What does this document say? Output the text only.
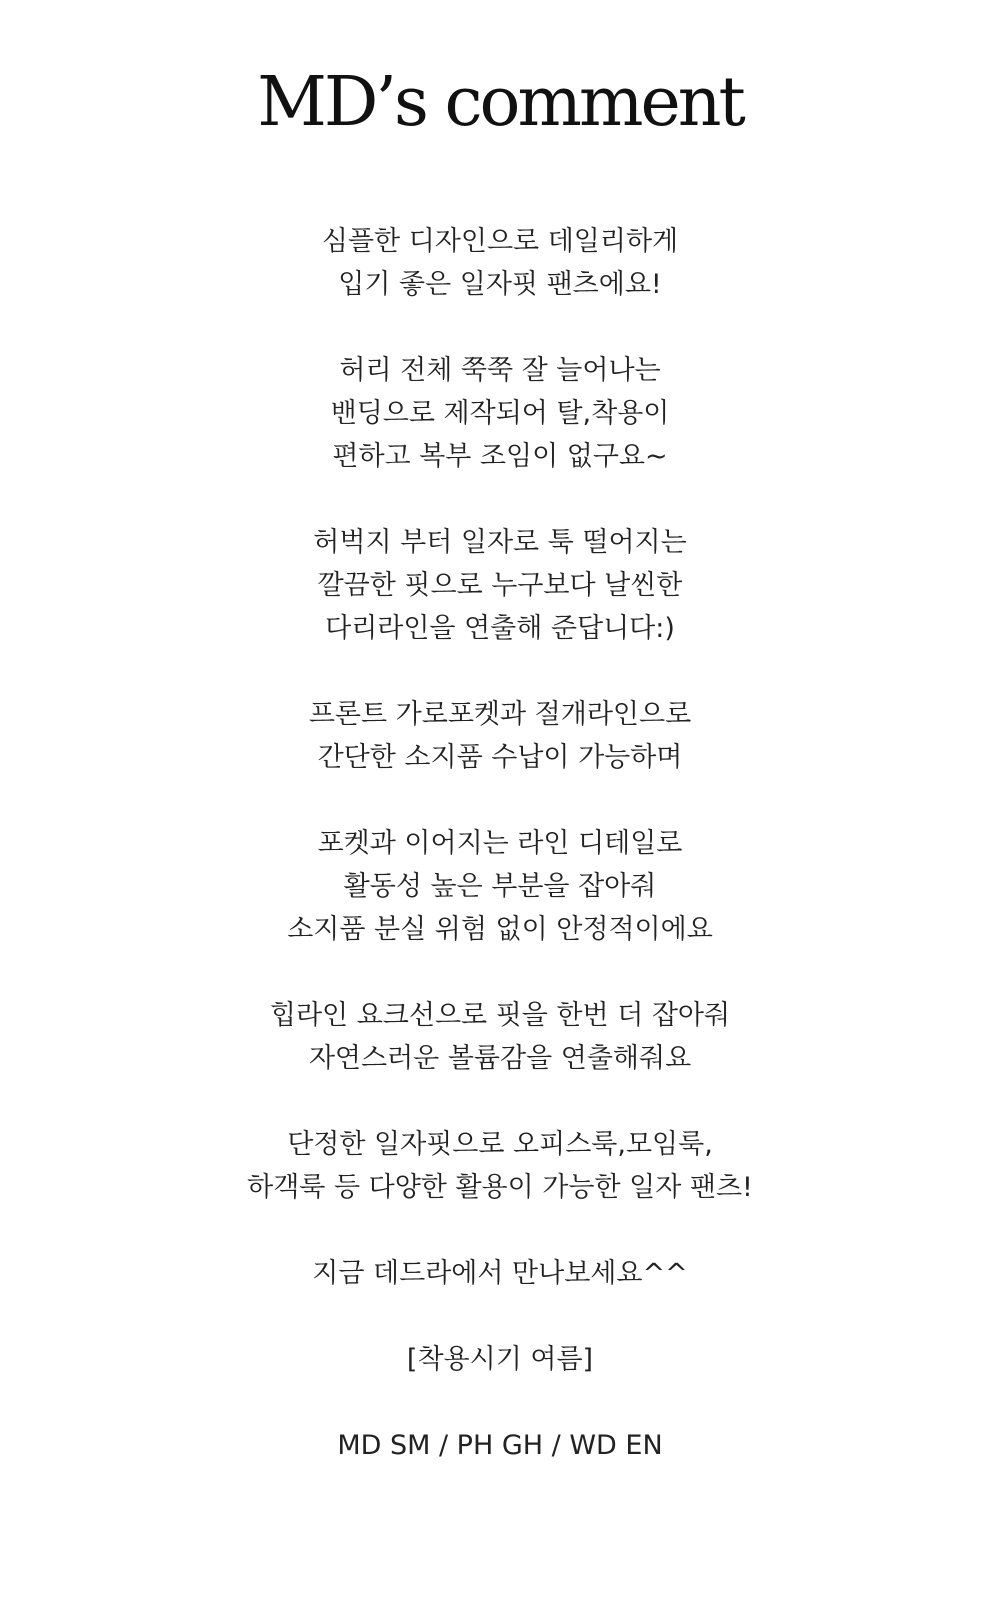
MD’s comment
심플한 디자인으로 데일리하게
입기 좋은 일자핏 팬츠에요!
허리 전체 쭉쭉 잘 늘어나는
밴딩으로 제작되어 탈,착용이
편하고 복부 조임이 없구요~
허벅지 부터 일자로 툭 떨어지는
깔끔한 핏으로 누구보다 날씬한
다리라인을 연출해 준답니다:)
프론트 가로포켓과 절개라인으로
간단한 소지품 수납이 가능하며
포켓과 이어지는 라인 디테일로
활동성 높은 부분을 잡아줘
소지품 분실 위험 없이 안정적이에요
힙라인 요크선으로 핏을 한번 더 잡아줘
자연스러운 볼륨감을 연출해줘요
단정한 일자핏으로 오피스룩,모임룩,
하객룩 등 다양한 활용이 가능한 일자 팬츠!
지금 데드라에서 만나보세요^^
[착용시기 여름]
MD SM / PH GH / WD EN
